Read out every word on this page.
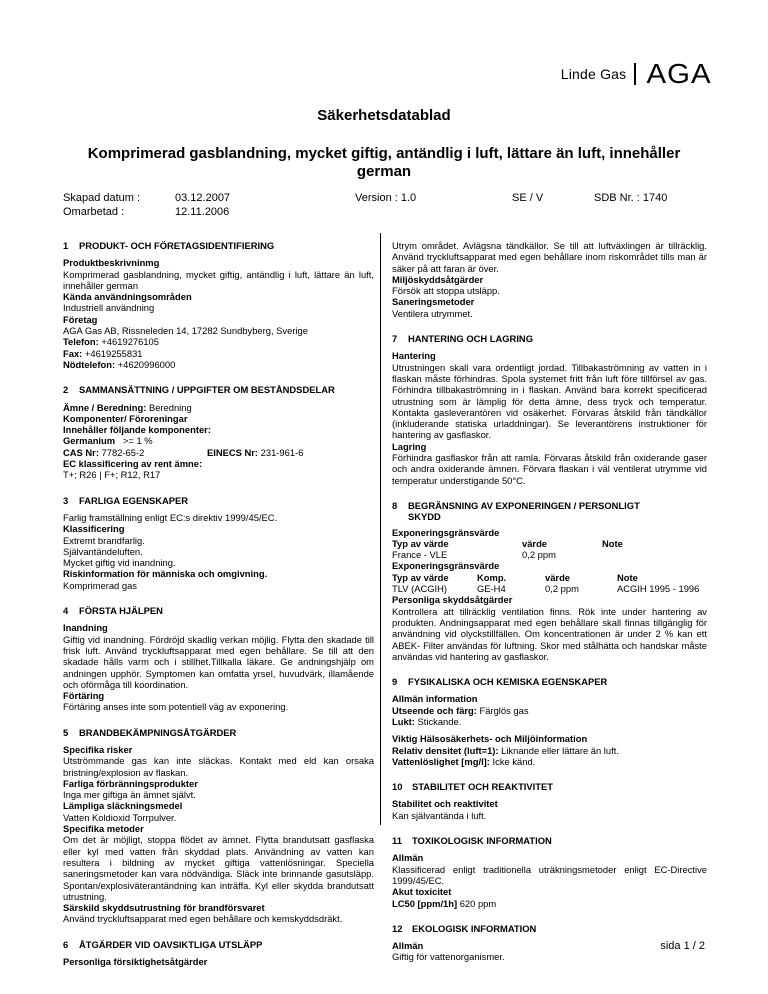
Linde Gas AGA
Säkerhetsdatablad
Komprimerad gasblandning, mycket giftig, antändlig i luft, lättare än luft, innehåller german
Skapad datum :	03.12.2007
Omarbetad :	12.11.2006
Version : 1.0	SE / V	SDB Nr. : 1740
1	PRODUKT- OCH FÖRETAGSIDENTIFIERING
Produktbeskrivninmg
Komprimerad gasblandning, mycket giftig, antändlig i luft, lättare än luft, innehåller german
Kända användningsområden
Industriell användning
Företag
AGA Gas AB, Rissneleden 14, 17282 Sundbyberg, Sverige
Telefon: +4619276105
Fax: +4619255831
Nödtelefon: +4620996000
2	SAMMANSÄTTNING / UPPGIFTER OM BESTÅNDSDELAR
Ämne / Beredning: Beredning
Komponenter/ Föroreningar
Innehåller följande komponenter:
Germanium   >= 1 %
CAS Nr: 7782-65-2	EINECS Nr: 231-961-6
EC klassificering av rent ämne:
T+; R26 | F+; R12, R17
3	FARLIGA EGENSKAPER
Farlig framställning enligt EC:s direktiv 1999/45/EC.
Klassificering
Extremt brandfarlig.
Självantändeluften.
Mycket giftig vid inandning.
Riskinformation för människa och omgivning.
Komprimerad gas
4	FÖRSTA HJÄLPEN
Inandning
Giftig vid inandning. Fördröjd skadlig verkan möjlig. Flytta den skadade till frisk luft. Använd tryckluftsapparat med egen behållare. Se till att den skadade hålls varm och i stillhet.Tillkalla läkare. Ge andningshjälp om andningen upphör. Symptomen kan omfatta yrsel, huvudvärk, illamående och oförmåga till koordination.
Förtäring
Förtäring anses inte som potentiell väg av exponering.
5	BRANDBEKÄMPNINGSÅTGÄRDER
Specifika risker
Utströmmande gas kan inte släckas. Kontakt med eld kan orsaka bristning/explosion av flaskan.
Farliga förbränningsprodukter
Inga mer giftiga än ämnet självt.
Lämpliga släckningsmedel
Vatten Koldioxid Torrpulver.
Specifika metoder
Om det är möjligt, stoppa flödet av ämnet. Flytta brandutsatt gasflaska eller kyl med vatten från skyddad plats. Användning av vatten kan resultera i bildning av mycket giftiga vattenlösningar. Speciella saneringsmetoder kan vara nödvändiga. Släck inte brinnande gasutsläpp. Spontan/explosiväterantändning kan inträffa. Kyl eller skydda brandutsatt utrustning.
Särskild skyddsutrustning för brandförsvaret
Använd tryckluftsapparat med egen behållare och kemskyddsdräkt.
6	ÅTGÄRDER VID OAVSIKTLIGA UTSLÄPP
Personliga försiktighetsåtgärder
Utrym området. Avlägsna tändkällor. Se till att luftväxlingen är tillräcklig. Använd tryckluftsapparat med egen behållare inom riskområdet tills man är säker på att faran är över.
Miljöskyddsåtgärder
Försök att stoppa utsläpp.
Saneringsmetoder
Ventilera utrymmet.
7	HANTERING OCH LAGRING
Hantering
Utrustningen skall vara ordentligt jordad. Tillbakaströmning av vatten in i flaskan måste förhindras. Spola systemet fritt från luft före tillförsel av gas. Förhindra tillbakaströmning in i flaskan. Använd bara korrekt specificerad utrustning som är lämplig för detta ämne, dess tryck och temperatur. Kontakta gasleverantören vid osäkerhet. Förvaras åtskild från tändkällor (inkluderande statiska urladdningar). Se leverantörens instruktioner för hantering av gasflaskor.
Lagring
Förhindra gasflaskor från att ramla. Förvaras åtskild från oxiderande gaser och andra oxiderande ämnen. Förvara flaskan i väl ventilerat utrymme vid temperatur understigande 50°C.
8	BEGRÄNSNING AV EXPONERINGEN / PERSONLIGT
SKYDD
Exponeringsgränsvärde
Typ av värde	värde	Note
France - VLE	0,2 ppm
Exponeringsgränsvärde
Typ av värde	Komp.	värde	Note
TLV (ACGIH)	GE-H4	0,2 ppm	ACGIH 1995 - 1996
Personliga skyddsåtgärder
Kontrollera att tillräcklig ventilation finns. Rök inte under hantering av produkten. Andningsapparat med egen behållare skall finnas tillgänglig för användning vid olyckstillfällen. Om koncentrationen är under 2 % kan ett ABEK- Filter användas för luftning. Skor med stålhätta och handskar måste användas vid hantering av gasflaskor.
9	FYSIKALISKA OCH KEMISKA EGENSKAPER
Allmän information
Utseende och färg: Färglös gas
Lukt: Stickande.
Viktig Hälsosäkerhets- och Miljöinformation
Relativ densitet (luft=1): Liknande eller lättare än luft.
Vattenlöslighet [mg/l]: Icke känd.
10	STABILITET OCH REAKTIVITET
Stabilitet och reaktivitet
Kan självantända i luft.
11	TOXIKOLOGISK INFORMATION
Allmän
Klassificerad enligt traditionella uträkningsmetoder enligt EC-Directive 1999/45/EC.
Akut toxicitet
LC50 [ppm/1h] 620 ppm
12	EKOLOGISK INFORMATION
Allmän
Giftig för vattenorganismer.
sida 1 / 2
